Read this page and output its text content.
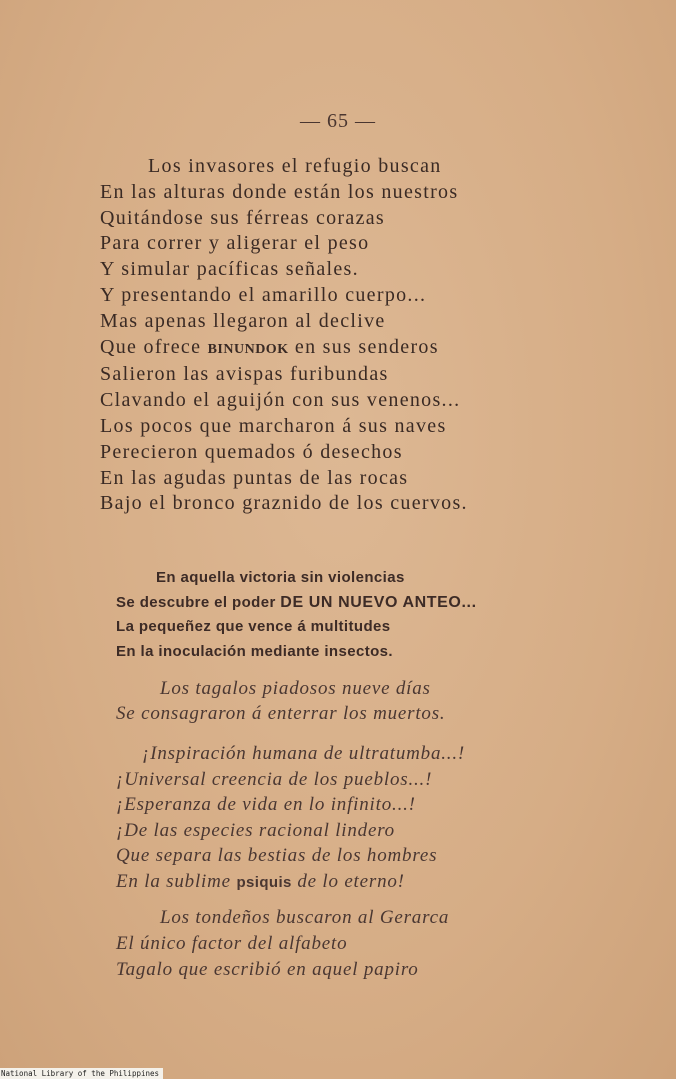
— 65 —
Los invasores el refugio buscan
En las alturas donde están los nuestros
Quitándose sus férreas corazas
Para correr y aligerar el peso
Y simular pacíficas señales.
Y presentando el amarillo cuerpo...
Mas apenas llegaron al declive
Que ofrece BINUNDOK en sus senderos
Salieron las avispas furibundas
Clavando el aguijón con sus venenos...
Los pocos que marcharon á sus naves
Perecieron quemados ó desechos
En las agudas puntas de las rocas
Bajo el bronco graznido de los cuervos.
En aquella victoria sin violencias
Se descubre el poder DE UN NUEVO ANTEO...
La pequeñez que vence á multitudes
En la inoculación mediante insectos.
Los tagalos piadosos nueve días
Se consagraron á enterrar los muertos.
¡Inspiración humana de ultratumba...!
¡Universal creencia de los pueblos...!
¡Esperanza de vida en lo infinito...!
¡De las especies racional lindero
Que separa las bestias de los hombres
En la sublime psiquis de lo eterno!
Los tondeños buscaron al Gerarca
El único factor del alfabeto
Tagalo que escribió en aquel papiro
National Library of the Philippines
